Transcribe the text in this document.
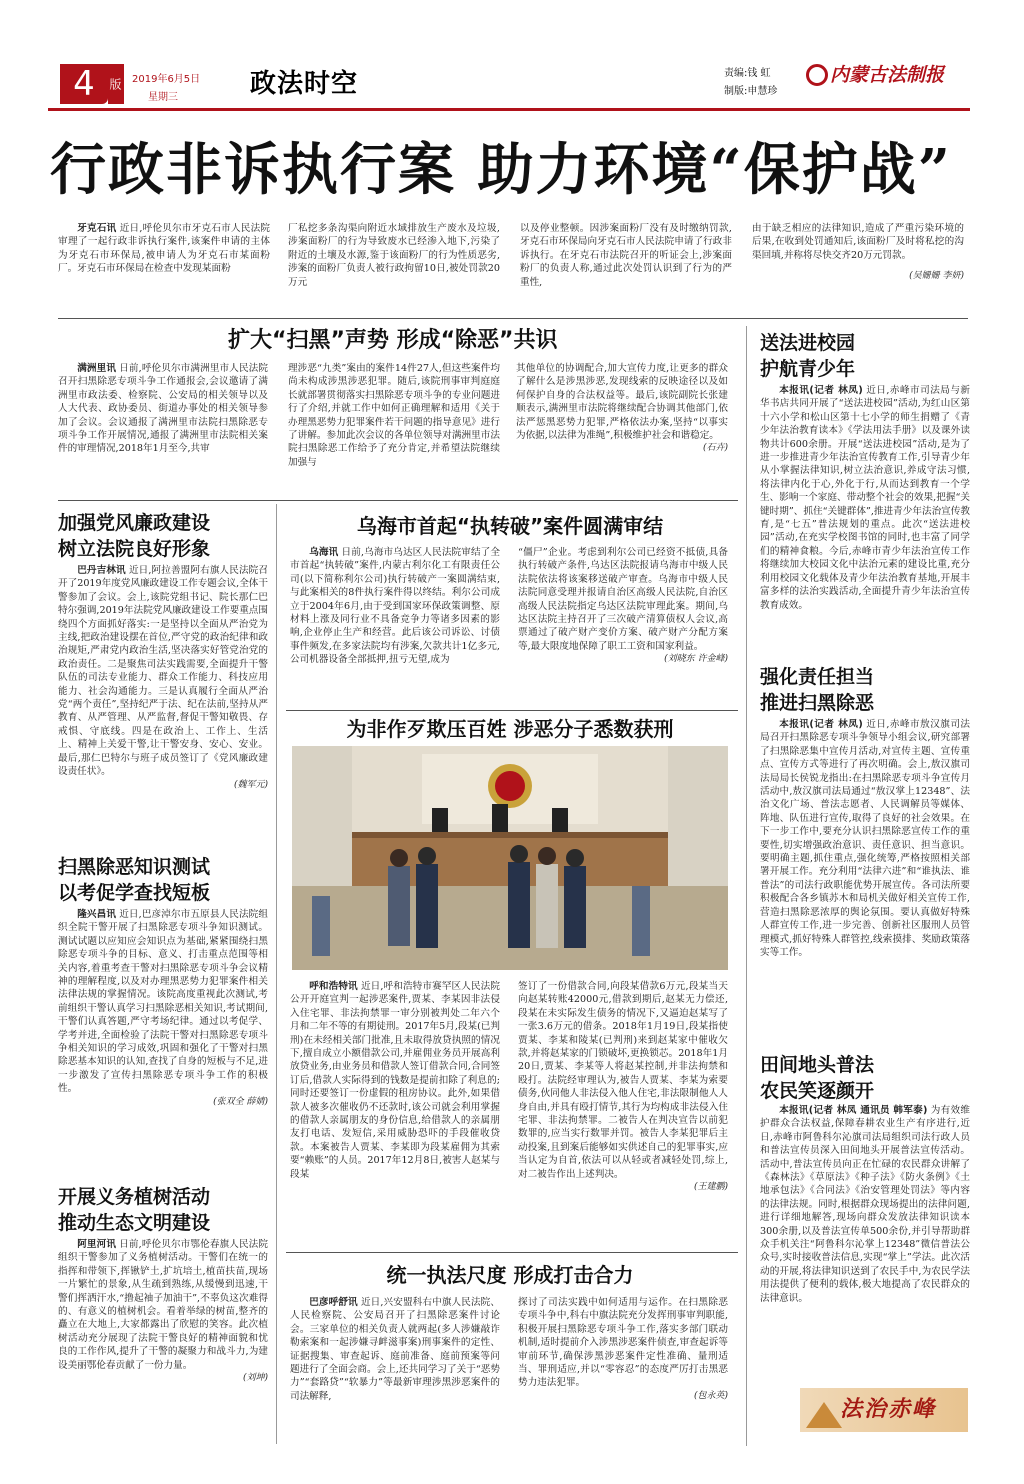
4	版 2019年6月5日
星期三	政法时空	责编:钱 虹
制版:申慧珍
内蒙古法制报
行政非诉执行案 助力环境“保护战”

牙克石讯 近日,呼伦贝尔市牙克石市人民法院审理了一起行政非诉执行案件,该案件申请的主体为牙克石市环保局,被申请人为牙克石市某面粉厂。牙克石市环保局在检查中发现某面粉

厂私挖多条沟渠向附近水域排放生产废水及垃圾,涉案面粉厂的行为导致废水已经渗入地下,污染了附近的土壤及水源,鉴于该面粉厂的行为性质恶劣,涉案的面粉厂负责人被行政拘留10日,被处罚款20万元
以及停业整顿。因涉案面粉厂没有及时缴纳罚款,牙克石市环保局向牙克石市人民法院申请了行政非诉执行。在牙克石市法院召开的听证会上,涉案面粉厂的负责人称,通过此次处罚认识到了行为的严重性,
由于缺乏相应的法律知识,造成了严重污染环境的后果,在收到处罚通知后,该面粉厂及时将私挖的沟渠回填,并称将尽快交齐20万元罚款。
(吴姗姗 李妍)
扩大“扫黑”声势 形成“除恶”共识

满洲里讯 日前,呼伦贝尔市满洲里市人民法院召开扫黑除恶专项斗争工作通报会,会议邀请了满洲里市政法委、检察院、公安局的相关领导以及人大代表、政协委员、街道办事处的相关领导参加了会议。会议通报了满洲里市法院扫黑除恶专项斗争工作开展情况,通报了满洲里市法院相关案件的审理情况,2018年1月至今,共审

理涉恶“九类”案由的案件14件27人,但这些案件均尚未构成涉黑涉恶犯罪。随后,该院刑事审判庭庭长就部署贯彻落实扫黑除恶专项斗争的专业问题进行了介绍,并就工作中如何正确理解和适用《关于办理黑恶势力犯罪案件若干问题的指导意见》进行了讲解。参加此次会议的各单位领导对满洲里市法院扫黑除恶工作给予了充分肯定,并希望法院继续加强与
其他单位的协调配合,加大宣传力度,让更多的群众了解什么是涉黑涉恶,发现线索的反映途径以及如何保护自身的合法权益等。最后,该院副院长张建顺表示,满洲里市法院将继续配合协调其他部门,依法严惩黑恶势力犯罪,严格依法办案,坚持“以事实为依据,以法律为准绳”,积极维护社会和谐稳定。
(石卉)
加强党风廉政建设
树立法院良好形象

巴丹吉林讯 近日,阿拉善盟阿右旗人民法院召开了2019年度党风廉政建设工作专题会议,全体干警参加了会议。会上,该院党组书记、院长那仁巴特尔强调,2019年法院党风廉政建设工作要重点围绕四个方面抓好落实:一是坚持以全面从严治党为主线,把政治建设摆在首位,严守党的政治纪律和政治规矩,严肃党内政治生活,坚决落实好管党治党的政治责任。二是聚焦司法实践需要,全面提升干警队伍的司法专业能力、群众工作能力、科技应用能力、社会沟通能力。三是认真履行全面从严治党“两个责任”,坚持纪严于法、纪在法前,坚持从严教育、从严管理、从严监督,督促干警知敬畏、存戒惧、守底线。四是在政治上、工作上、生活上、精神上关爱干警,让干警安身、安心、安业。最后,那仁巴特尔与班子成员签订了《党风廉政建设责任状》。

(魏军元)
扫黑除恶知识测试
以考促学查找短板

隆兴昌讯 近日,巴彦淖尔市五原县人民法院组织全院干警开展了扫黑除恶专项斗争知识测试。测试试题以应知应会知识点为基础,紧紧围绕扫黑除恶专项斗争的目标、意义、打击重点范围等相关内容,着重考查干警对扫黑除恶专项斗争会议精神的理解程度,以及对办理黑恶势力犯罪案件相关法律法规的掌握情况。该院高度重视此次测试,考前组织干警认真学习扫黑除恶相关知识,考试期间,干警们认真答题,严守考场纪律。通过以考促学、学考并进,全面检验了法院干警对扫黑除恶专项斗争相关知识的学习成效,巩固和强化了干警对扫黑除恶基本知识的认知,查找了自身的短板与不足,进一步激发了宣传扫黑除恶专项斗争工作的积极性。

(张双全 薛婧)
开展义务植树活动
推动生态文明建设

阿里河讯 日前,呼伦贝尔市鄂伦春旗人民法院组织干警参加了义务植树活动。干警们在统一的指挥和带领下,挥锹铲土,扩坑培土,植苗扶苗,现场一片繁忙的景象,从生疏到熟练,从缓慢到迅速,干警们挥洒汗水,“撸起袖子加油干”,不辜负这次难得的、有意义的植树机会。看着举绿的树苗,整齐的矗立在大地上,大家都露出了欣慰的笑容。此次植树活动充分展现了法院干警良好的精神面貌和忧良的工作作风,提升了干警的凝聚力和战斗力,为建设美丽鄂伦春贡献了一份力量。

(刘坤)
乌海市首起“执转破”案件圆满审结

乌海讯 日前,乌海市乌达区人民法院审结了全市首起“执转破”案件,内蒙古利尔化工有限责任公司(以下简称利尔公司)执行转破产一案圆满结束,与此案相关的8件执行案件得以终结。利尔公司成立于2004年6月,由于受到国家环保政策调整、原材料上涨及同行业不具备竞争力等诸多因素的影响,企业停止生产和经营。此后该公司诉讼、讨债事件频发,在多家法院均有涉案,欠款共计1亿多元,公司机器设备全部抵押,扭亏无望,成为

“僵尸”企业。考虑到利尔公司已经资不抵债,具备执行转破产条件,乌达区法院报请乌海市中级人民法院依法将该案移送破产审查。乌海市中级人民法院同意受理并报请自治区高级人民法院,自治区高级人民法院指定乌达区法院审理此案。期间,乌达区法院主持召开了三次破产清算债权人会议,高票通过了破产财产变价方案、破产财产分配方案等,最大限度地保障了职工工资和国家利益。
(刘晓东 许金峰)
为非作歹欺压百姓 涉恶分子悉数获刑

呼和浩特讯 近日,呼和浩特市赛罕区人民法院公开开庭宣判一起涉恶案件,贾某、李某因非法侵入住宅罪、非法拘禁罪一审分别被判处二年六个月和二年不等的有期徒刑。2017年5月,段某(已判刑)在未经相关部门批准,且未取得放贷执照的情况下,擅自成立小额借款公司,并雇佣业务员开展高利放贷业务,由业务员和借款人签订借款合同,合同签订后,借款人实际得到的钱数是提前扣除了利息的;同时还要签订一份虚假的租房协议。此外,如果借款人被多次催收仍不还款时,该公司就会利用掌握的借款人亲属朋友的身份信息,给借款人的亲属朋友打电话、发短信,采用威胁恐吓的手段催收贷款。本案被告人贾某、李某即为段某雇佣为其索要“赖账”的人员。2017年12月8日,被害人赵某与段某

签订了一份借款合同,向段某借款6万元,段某当天向赵某转账42000元,借款到期后,赵某无力偿还,段某在未实际发生债务的情况下,又逼迫赵某写了一张3.6万元的借条。2018年1月19日,段某指使贾某、李某和陵某(已判刑)来到赵某家中催收欠款,并将赵某家的门锁破坏,更换锁芯。2018年1月20日,贾某、李某等人将赵某控制,并非法拘禁和殴打。法院经审理认为,被告人贾某、李某为索要债务,伙同他人非法侵入他人住宅,非法限制他人人身自由,并具有殴打情节,其行为均构成非法侵入住宅罪、非法拘禁罪。二被告人在判决宣告以前犯数罪的,应当实行数罪并罚。被告人李某犯罪后主动投案,且到案后能够如实供述自己的犯罪事实,应当认定为自首,依法可以从轻或者减轻处罚,综上,对二被告作出上述判决。
(王建鹏)
统一执法尺度 形成打击合力

巴彦呼舒讯 近日,兴安盟科右中旗人民法院、人民检察院、公安局召开了扫黑除恶案件讨论会。三家单位的相关负责人就两起(多人涉嫌敲诈勒索案和一起涉嫌寻衅滋事案)刑事案件的定性、证据搜集、审查起诉、庭前准备、庭前预案等问题进行了全面会商。会上,还共同学习了关于“恶势力”“套路贷”“软暴力”等最新审理涉黑涉恶案件的司法解释,

探讨了司法实践中如何适用与运作。在扫黑除恶专项斗争中,科右中旗法院充分发挥刑事审判职能,积极开展扫黑除恶专项斗争工作,落实多部门联动机制,适时提前介入涉黑涉恶案件侦查,审查起诉等审前环节,确保涉黑涉恶案件定性准确、量刑适当、罪刑适应,并以“零容忍”的态度严厉打击黑恶势力违法犯罪。
(包永英)
送法进校园
护航青少年

本报讯(记者 林凤) 近日,赤峰市司法局与新华书店共同开展了“送法进校园”活动,为红山区第十六小学和松山区第十七小学的师生捐赠了《青少年法治教育读本》《学法用法手册》以及课外读物共计600余册。开展“送法进校园”活动,是为了进一步推进青少年法治宣传教育工作,引导青少年从小掌握法律知识,树立法治意识,养成守法习惯,将法律内化于心,外化于行,从而达到教育一个学生、影响一个家庭、带动整个社会的效果,把握“关键时期”、抓住“关键群体”,推进青少年法治宣传教育,是“七五”普法规划的重点。此次“送法进校园”活动,在充实学校图书馆的同时,也丰富了同学们的精神食粮。今后,赤峰市青少年法治宣传工作将继续加大校园文化中法治元素的建设比重,充分利用校园文化载体及青少年法治教育基地,开展丰富多样的法治实践活动,全面提升青少年法治宣传教育成效。

强化责任担当
推进扫黑除恶

本报讯(记者 林凤) 近日,赤峰市敖汉旗司法局召开扫黑除恶专项斗争领导小组会议,研究部署了扫黑除恶集中宣传月活动,对宣传主题、宣传重点、宣传方式等进行了再次明确。会上,敖汉旗司法局局长侯锐龙指出:在扫黑除恶专项斗争宣传月活动中,敖汉旗司法局通过“敖汉掌上12348”、法治文化广场、普法志愿者、人民调解员等媒体、阵地、队伍进行宣传,取得了良好的社会效果。在下一步工作中,要充分认识扫黑除恶宣传工作的重要性,切实增强政治意识、责任意识、担当意识。要明确主题,抓住重点,强化统筹,严格按照相关部署开展工作。充分利用“法律六进”和“谁执法、谁普法”的司法行政职能优势开展宣传。各司法所要积极配合各乡镇苏木和局机关做好相关宣传工作,营造扫黑除恶浓厚的舆论氛围。要认真做好特殊人群宣传工作,进一步完善、创新社区服刑人员管理模式,抓好特殊人群管控,线索摸排、奖励政策落实等工作。

田间地头普法
农民笑逐颜开

本报讯(记者 林凤 通讯员 韩军泰) 为有效维护群众合法权益,保障春耕农业生产有序进行,近日,赤峰市阿鲁科尔沁旗司法局组织司法行政人员和普法宣传员深入田间地头开展普法宣传活动。活动中,普法宣传员向正在忙碌的农民群众讲解了《森林法》《草原法》《种子法》《防火条例》《土地承包法》《合同法》《治安管理处罚法》等内容的法律法规。同时,根据群众现场提出的法律问题,进行详细地解答,现场向群众发放法律知识读本300余册,以及普法宣传单500余份,并引导帮助群众手机关注“阿鲁科尔沁掌上12348”微信普法公众号,实时接收普法信息,实现“掌上”学法。此次活动的开展,将法律知识送到了农民手中,为农民学法用法提供了便利的载体,极大地提高了农民群众的法律意识。

法治赤峰
